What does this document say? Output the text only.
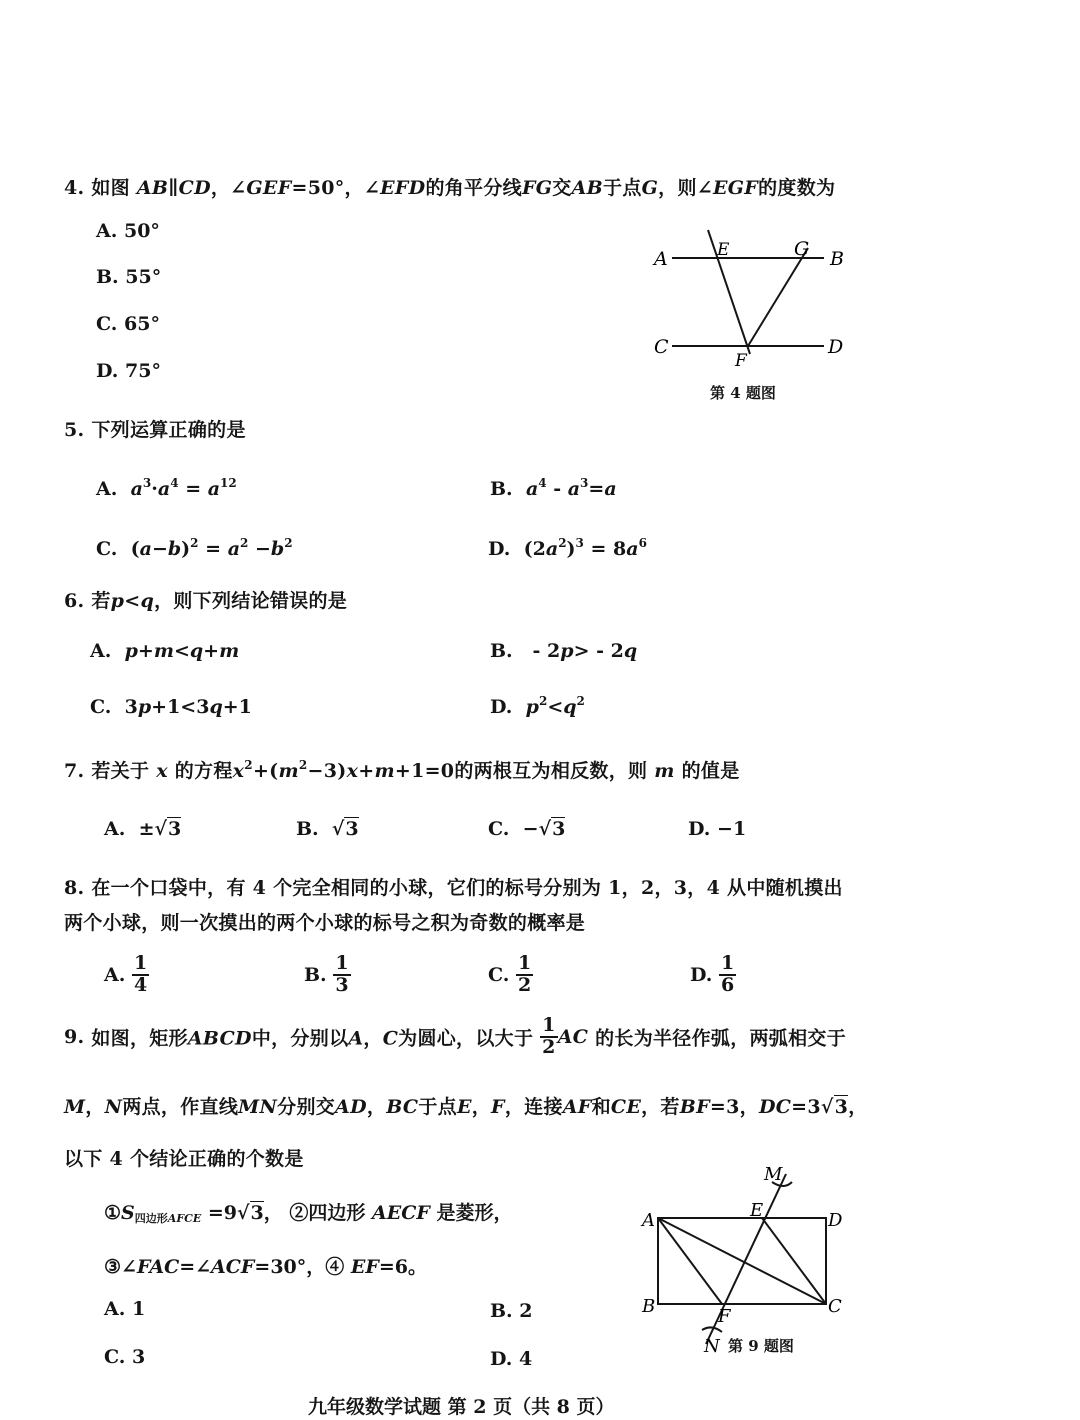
4. 如图 AB∥CD，∠GEF=50°，∠EFD的角平分线FG交AB于点G，则∠EGF的度数为
A. 50°
B. 55°
C. 65°
D. 75°
A	E	G B
C
F
D
第 4 题图
5. 下列运算正确的是
A. $a^3\cdot a^4 = a^{12}$	B. $a^4 - a^3=a$
C.  $(a-b)^2 = a^2 -b^2$	D.  $(2a^2)^3 = 8a^6$
6. 若p<q，则下列结论错误的是
A. p+m<q+m	B.   - 2p> - 2q
C.  3p+1<3q+1	D. $p^2<q^2$
7. 若关于 x 的方程$x^2+(m^2-3)x+m+1=0$的两根互为相反数，则 m 的值是
A.  ±√3	B.  √3	C.  −√3	D. −1
8. 在一个口袋中，有 4 个完全相同的小球，它们的标号分别为 1，2，3，4 从中随机摸出
两个小球，则一次摸出的两个小球的标号之积为奇数的概率是
A. $\frac{1}{4}$	B. $\frac{1}{3}$	C. $\frac{1}{2}$	D. $\frac{1}{6}$
9. 如图，矩形ABCD中，分别以A，C为圆心，以大于 $\frac{1}{2}$ AC 的长为半径作弧，两弧相交于
M，N两点，作直线MN分别交AD，BC于点E，F，连接AF和CE，若BF=3，DC=3√3，
以下 4 个结论正确的个数是
$①S_{四边形AFCE} =9√3$， ②四边形 AECF 是菱形，
③∠FAC=∠ACF=30°，④ EF=6。
A. 1	B. 2
C. 3	D. 4
M
E
A	D
B	F	C
N 第 9 题图
九年级数学试题 第 2 页（共 8 页）
